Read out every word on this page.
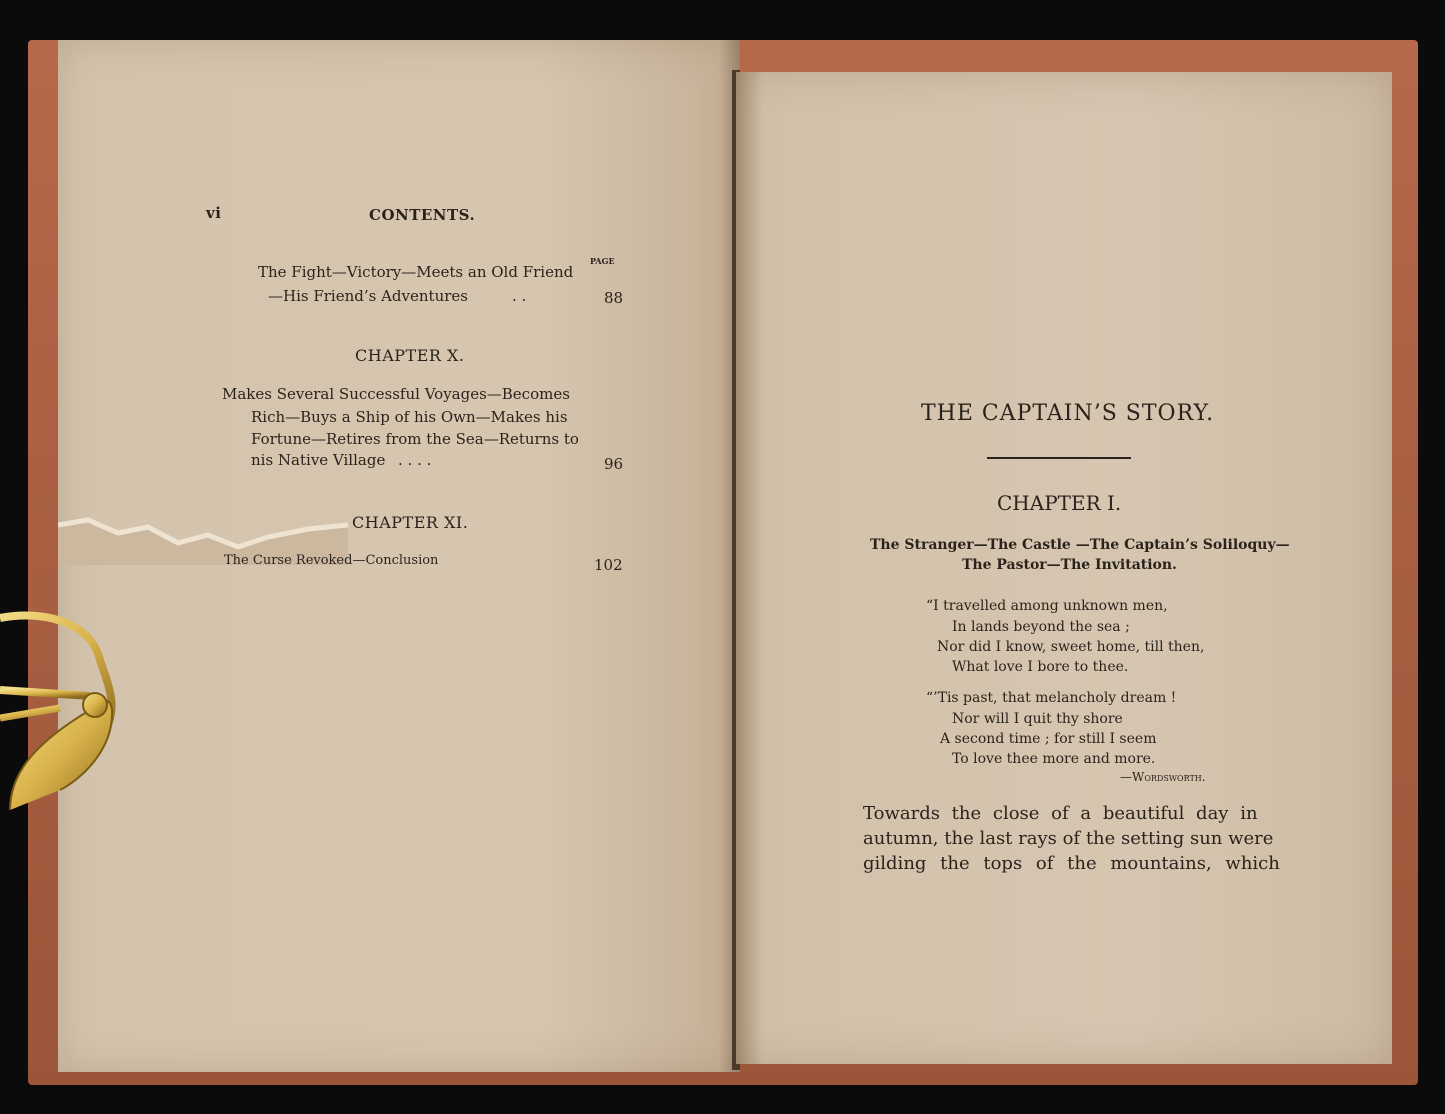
vi	CONTENTS.
PAGE
The Fight—Victory—Meets an Old Friend
—His Friend’s Adventures	. .	88
CHAPTER X.
Makes Several Successful Voyages—Becomes
Rich—Buys a Ship of his Own—Makes his
Fortune—Retires from the Sea—Returns to
nis Native Village . . . .	96
CHAPTER XI.
The Curse Revoked—Conclusion	102
THE CAPTAIN’S STORY.
CHAPTER I.
The Stranger—The Castle —The Captain’s Soliloquy—
The Pastor—The Invitation.
“I travelled among unknown men,
In lands beyond the sea ;
Nor did I know, sweet home, till then,
What love I bore to thee.
“’Tis past, that melancholy dream !
Nor will I quit thy shore
A second time ; for still I seem
To love thee more and more.
—Wordsworth.
Towards the close of a beautiful day in
autumn, the last rays of the setting sun were
gilding the tops of the mountains, which
